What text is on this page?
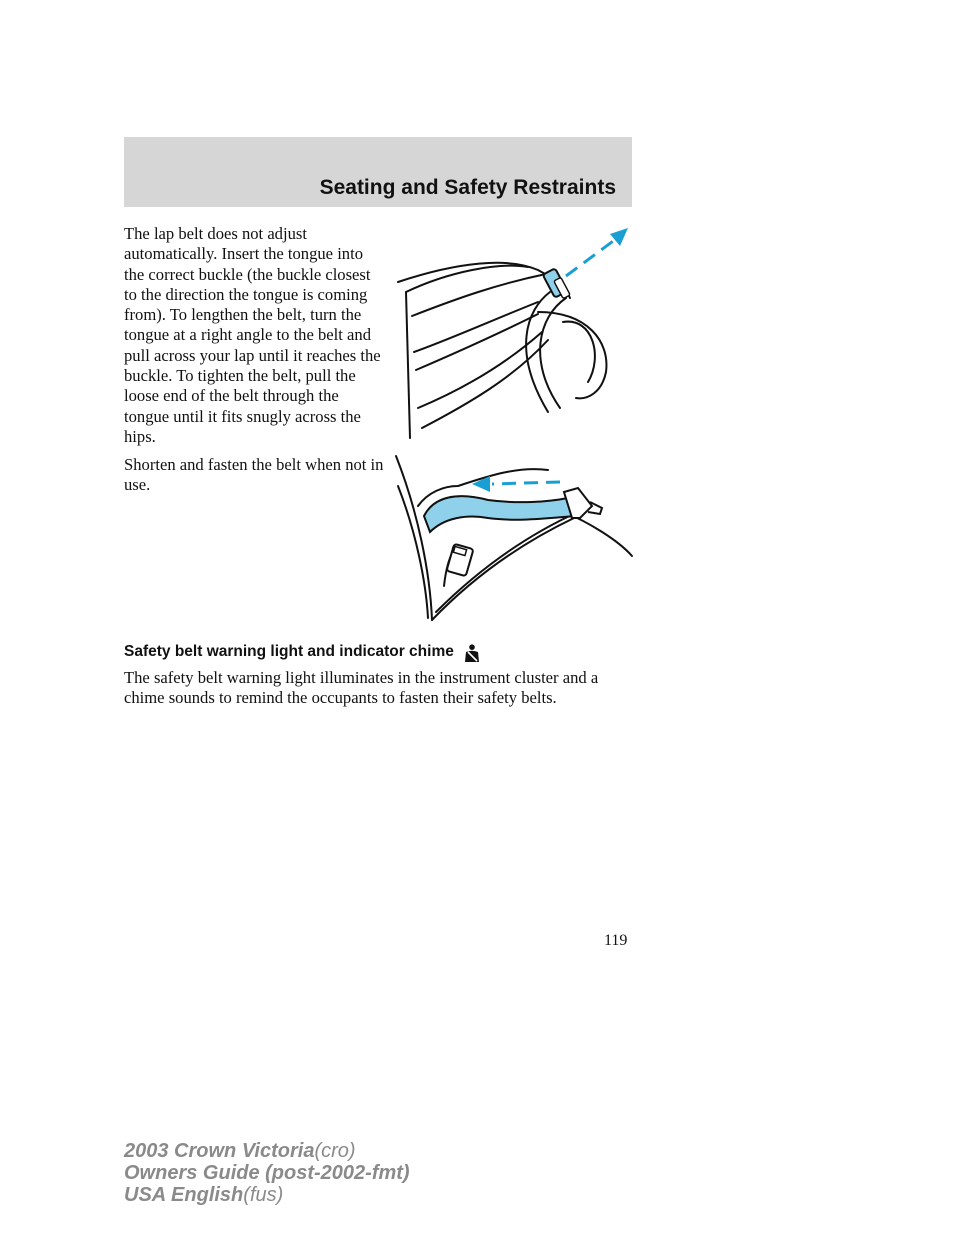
Seating and Safety Restraints

The lap belt does not adjust automatically. Insert the tongue into the correct buckle (the buckle closest to the direction the tongue is coming from). To lengthen the belt, turn the tongue at a right angle to the belt and pull across your lap until it reaches the buckle. To tighten the belt, pull the loose end of the belt through the tongue until it fits snugly across the hips.

Shorten and fasten the belt when not in use.

Safety belt warning light and indicator chime

The safety belt warning light illuminates in the instrument cluster and a chime sounds to remind the occupants to fasten their safety belts.

119

2003 Crown Victoria(cro)
Owners Guide (post-2002-fmt)
USA English(fus)
